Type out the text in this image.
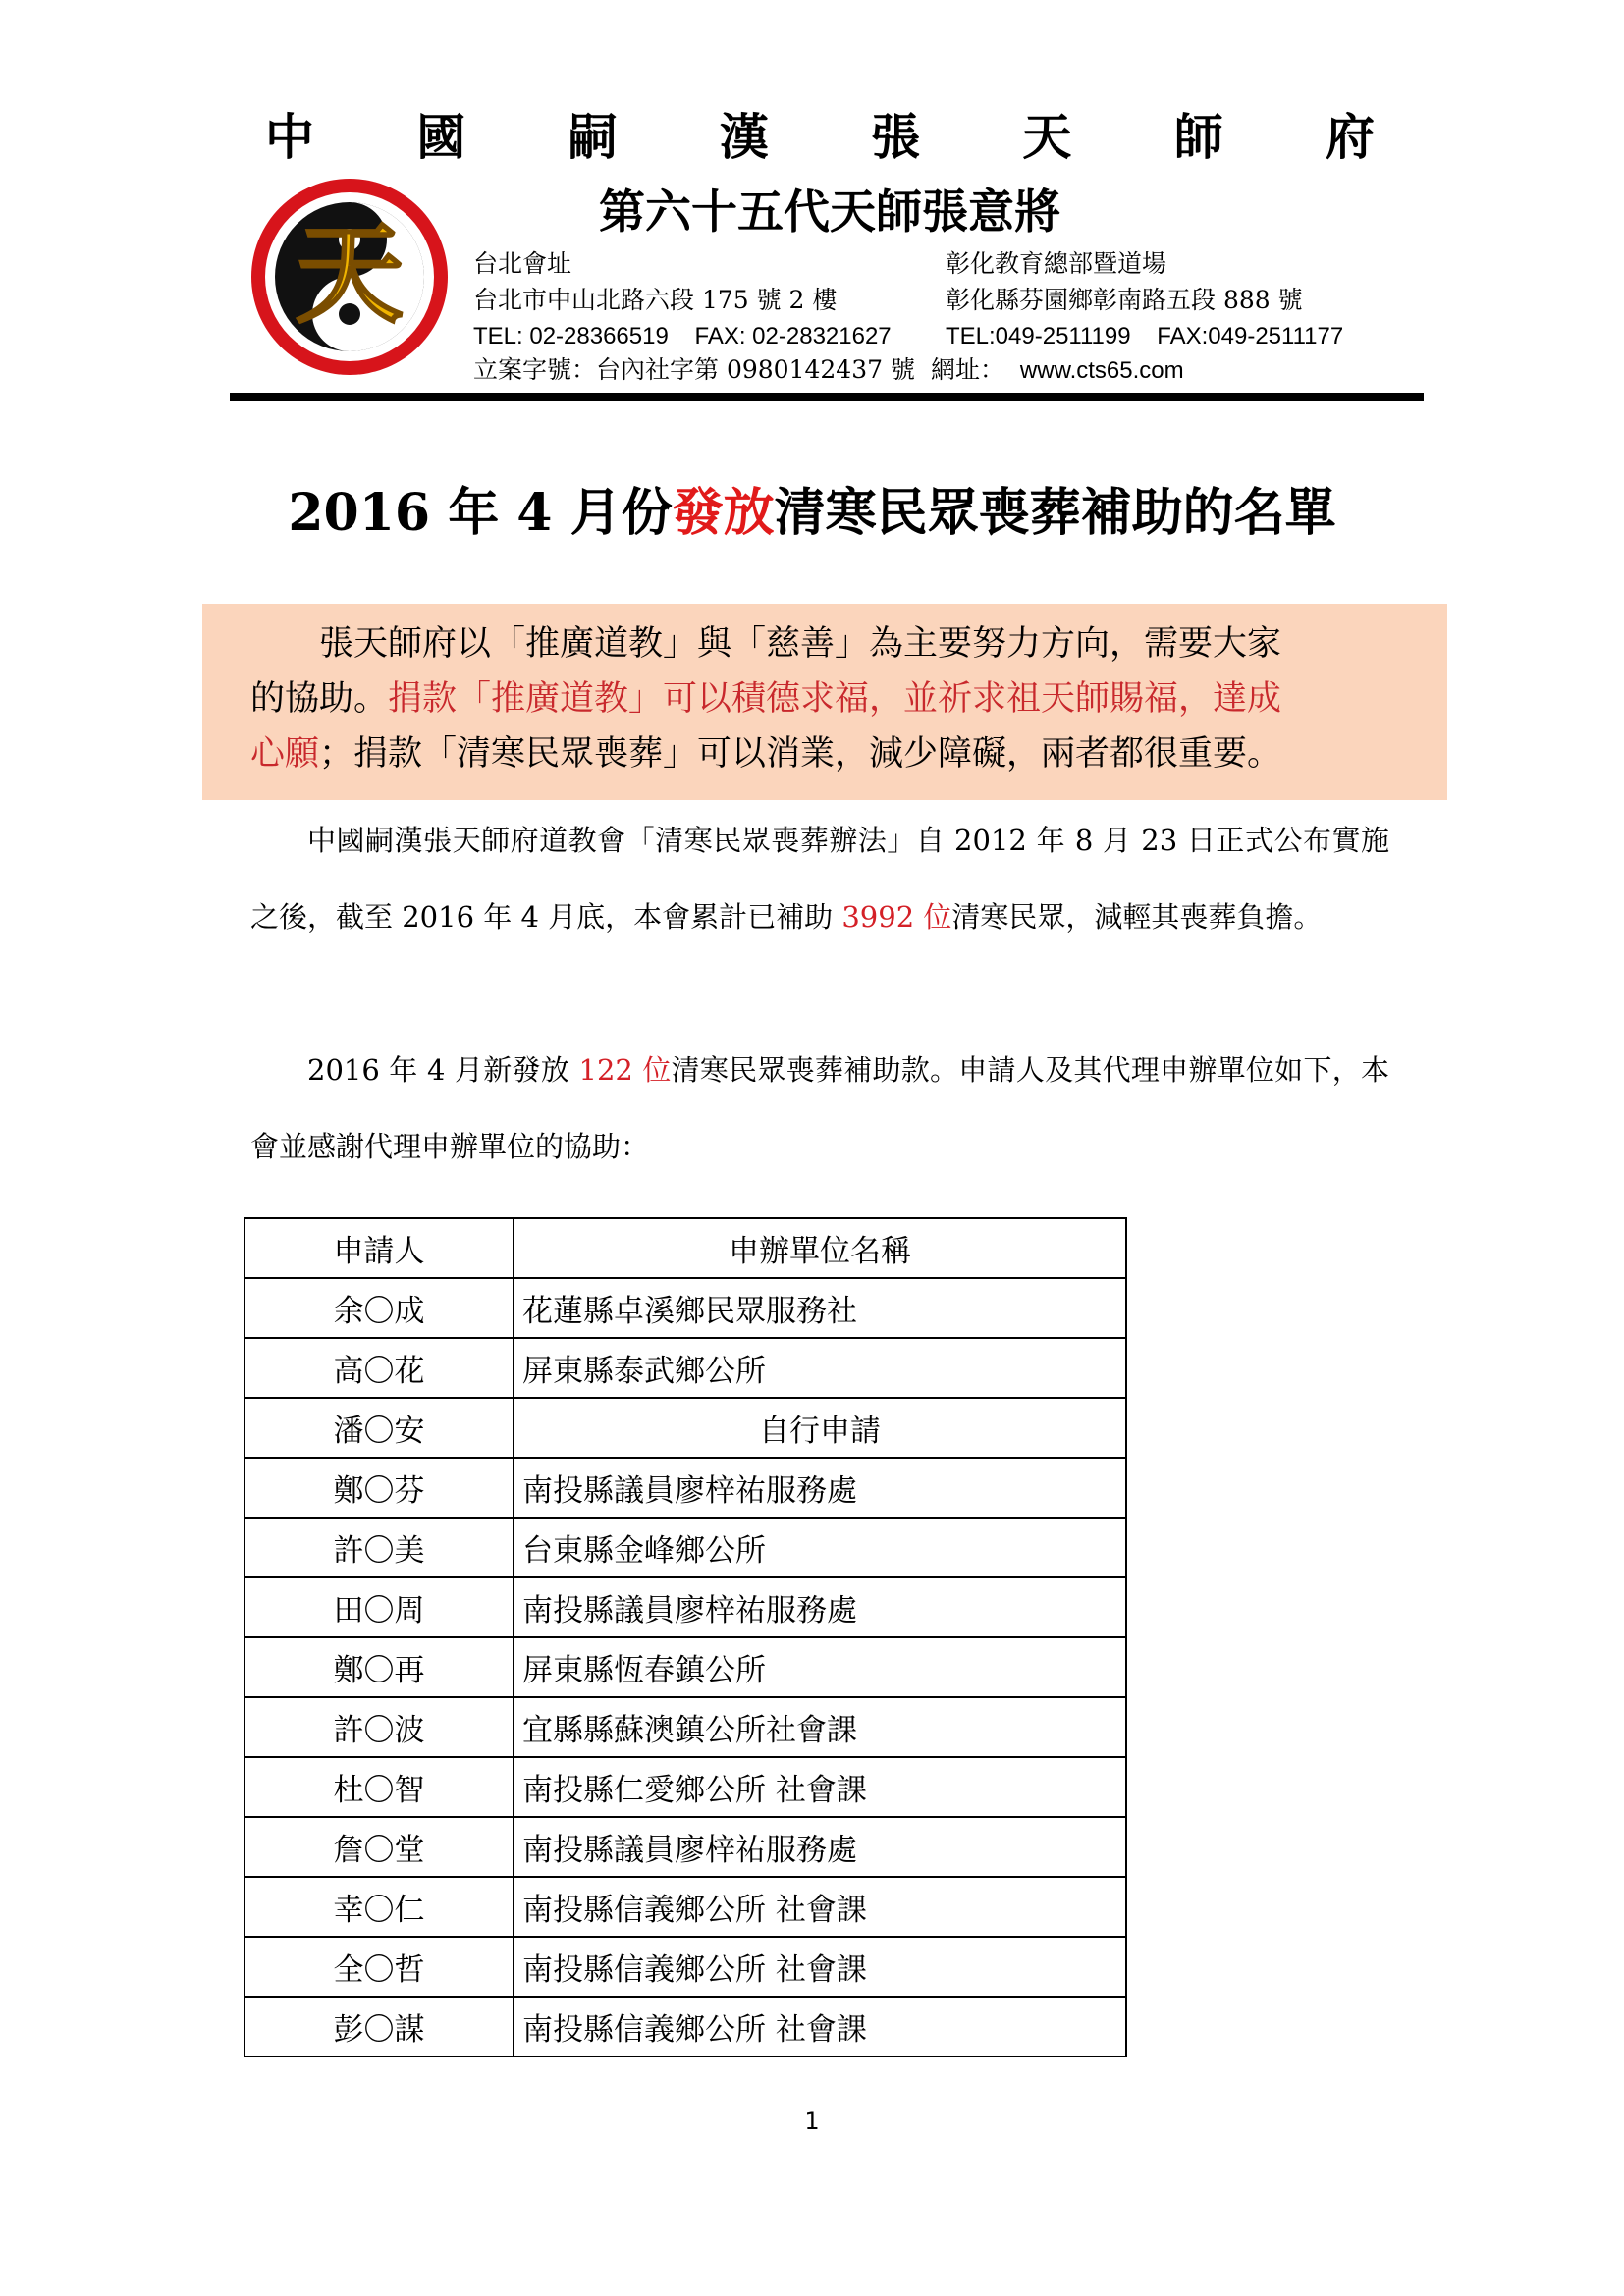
中 國 嗣 漢 張 天 師 府
天	第六十五代天師張意將
台北會址
台北市中山北路六段 175 號 2 樓
TEL: 02-28366519    FAX: 02-28321627
立案字號：台內社字第 0980142437 號
彰化教育總部暨道場
彰化縣芬園鄉彰南路五段 888 號
TEL:049-2511199    FAX:049-2511177
網址： www.cts65.com
2016 年 4 月份發放清寒民眾喪葬補助的名單

張天師府以「推廣道教」與「慈善」為主要努力方向，需要大家

的協助。捐款「推廣道教」可以積德求福，並祈求祖天師賜福，達成

心願；捐款「清寒民眾喪葬」可以消業，減少障礙，兩者都很重要。

中國嗣漢張天師府道教會「清寒民眾喪葬辦法」自 2012 年 8 月 23 日正式公布實施之後，截至 2016 年 4 月底，本會累計已補助 3992 位清寒民眾，減輕其喪葬負擔。

2016 年 4 月新發放 122 位清寒民眾喪葬補助款。申請人及其代理申辦單位如下，本會並感謝代理申辦單位的協助：

申請人	申辦單位名稱
余〇成	花蓮縣卓溪鄉民眾服務社
高〇花	屏東縣泰武鄉公所
潘〇安	自行申請
鄭〇芬	南投縣議員廖梓祐服務處
許〇美	台東縣金峰鄉公所
田〇周	南投縣議員廖梓祐服務處
鄭〇再	屏東縣恆春鎮公所
許〇波	宜縣縣蘇澳鎮公所社會課
杜〇智	南投縣仁愛鄉公所 社會課
詹〇堂	南投縣議員廖梓祐服務處
幸〇仁	南投縣信義鄉公所 社會課
全〇哲	南投縣信義鄉公所 社會課
彭〇謀	南投縣信義鄉公所 社會課
1
